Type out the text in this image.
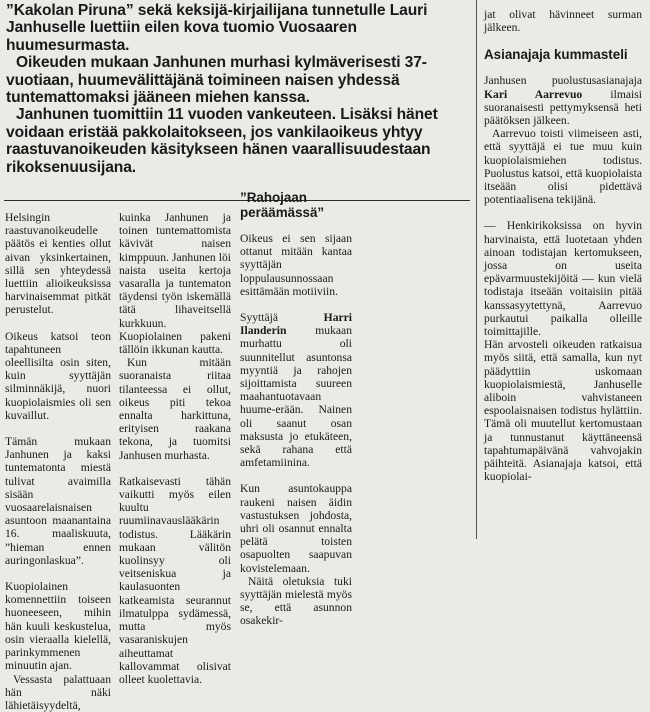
”Kakolan Piruna” sekä keksijä-kirjailijana tunnetulle Lauri Janhuselle luettiin eilen kova tuomio Vuosaaren huumesurmasta.

Oikeuden mukaan Janhunen murhasi kylmäverisesti 37-vuotiaan, huumevälittäjänä toimineen naisen yhdessä tuntemattomaksi jääneen miehen kanssa.

Janhunen tuomittiin 11 vuoden vankeuteen. Lisäksi hänet voidaan eristää pakkolaitokseen, jos vankilaoikeus yhtyy raastuvanoikeuden käsitykseen hänen vaarallisuudestaan rikoksenuusijana.

Helsingin raastuvanoikeudelle päätös ei kenties ollut aivan yksinkertainen, sillä sen yhteydessä luettiin alioikeuksissa harvinaisemmat pitkät perustelut.

Oikeus katsoi teon tapahtuneen oleellisilta osin siten, kuin syyttäjän silminnäkijä, nuori kuopiolaismies oli sen kuvaillut.

Tämän mukaan Janhunen ja kaksi tuntematonta miestä tulivat avaimilla sisään vuosaarelaisnaisen asuntoon maanantaina 16. maaliskuuta, ”hieman ennen auringonlaskua”.

Kuopiolainen komennettiin toiseen huoneeseen, mihin hän kuuli keskustelua, osin vieraalla kielellä, parinkymmenen minuutin ajan.

Vessasta palattuaan hän näki lähietäisyydeltä,

kuinka Janhunen ja toinen tuntemattomista kävivät naisen kimppuun. Janhunen löi naista useita kertoja vasaralla ja tuntematon täydensi työn iskemällä tätä lihaveitsellä kurkkuun. Kuopiolainen pakeni tällöin ikkunan kautta.

Kun mitään suoranaista riitaa tilanteessa ei ollut, oikeus piti tekoa ennalta harkittuna, erityisen raakana tekona, ja tuomitsi Janhusen murhasta.

Ratkaisevasti tähän vaikutti myös eilen kuultu ruumiinavauslääkärin todistus. Lääkärin mukaan välitön kuolinsyy oli veitseniskua ja kaulasuonten katkeamista seurannut ilmatulppa sydämessä, mutta myös vasaraniskujen aiheuttamat kallovammat olisivat olleet kuolettavia.

”Rahojaan peräämässä”

Oikeus ei sen sijaan ottanut mitään kantaa syyttäjän loppulausunnossaan esittämään motiiviin.

Syyttäjä Harri Ilanderin mukaan murhattu oli suunnitellut asuntonsa myyntiä ja rahojen sijoittamista suureen maahantuotavaan huume-erään. Nainen oli saanut osan maksusta jo etukäteen, sekä rahana että amfetamiinina.

Kun asuntokauppa raukeni naisen äidin vastustuksen johdosta, uhri oli osannut ennalta pelätä toisten osapuolten saapuvan kovistelemaan.

Näitä oletuksia tuki syyttäjän mielestä myös se, että asunnon osakekir-

jat olivat hävinneet surman jälkeen.

Asianajaja kummasteli

Janhusen puolustusasianajaja Kari Aarrevuo ilmaisi suoranaisesti pettymyksensä heti päätöksen jälkeen.

Aarrevuo toisti viimeiseen asti, että syyttäjä ei tue muu kuin kuopiolaismiehen todistus. Puolustus katsoi, että kuopiolaista itseään olisi pidettävä potentiaalisena tekijänä.

— Henkirikoksissa on hyvin harvinaista, että luotetaan yhden ainoan todistajan kertomukseen, jossa on useita epävarmuustekijöitä — kun vielä todistaja itseään voitaisiin pitää kanssasyytettynä, Aarrevuo purkautui paikalla olleille toimittajille.

Hän arvosteli oikeuden ratkaisua myös siitä, että samalla, kun nyt päädyttiin uskomaan kuopiolaismiestä, Janhuselle aliboin vahvistaneen espoolaisnaisen todistus hylättiin. Tämä oli muutellut kertomustaan ja tunnustanut käyttäneensä tapahtumapäivänä vahvojakin päihteitä. Asianajaja katsoi, että kuopiolai-
